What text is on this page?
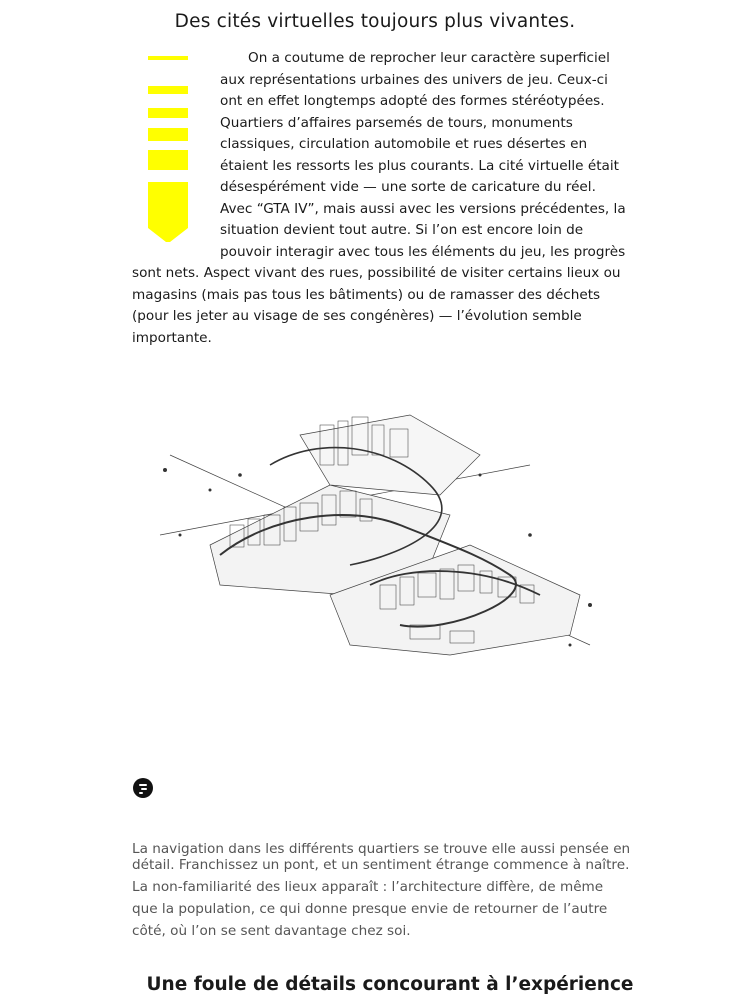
Des cités virtuelles toujours plus vivantes.
On a coutume de reprocher leur caractère superficiel
aux représentations urbaines des univers de jeu. Ceux-ci
ont en effet longtemps adopté des formes stéréotypées.
Quartiers d’affaires parsemés de tours, monuments
classiques, circulation automobile et rues désertes en
étaient les ressorts les plus courants. La cité virtuelle était
désespérément vide — une sorte de caricature du réel.
Avec “GTA IV”, mais aussi avec les versions précédentes, la
situation devient tout autre. Si l’on est encore loin de
pouvoir interagir avec tous les éléments du jeu, les progrès
sont nets. Aspect vivant des rues, possibilité de visiter certains lieux ou
magasins (mais pas tous les bâtiments) ou de ramasser des déchets
(pour les jeter au visage de ses congénères) — l’évolution semble
importante.
La navigation dans les différents quartiers se trouve elle aussi pensée en
détail. Franchissez un pont, et un sentiment étrange commence à naître.
La non-familiarité des lieux apparaît : l’architecture diffère, de même
que la population, ce qui donne presque envie de retourner de l’autre
côté, où l’on se sent davantage chez soi.
Une foule de détails concourant à l’expérience
